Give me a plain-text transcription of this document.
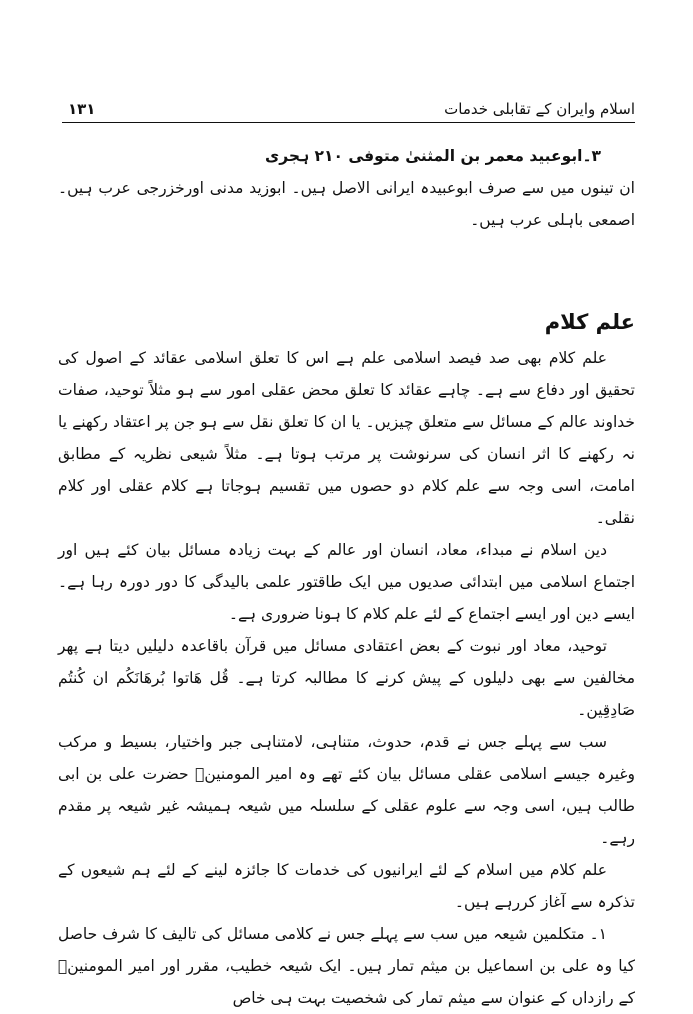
۱۳۱	اسلام وایران کے تقابلی خدمات

۳۔ابوعبید معمر بن المثنیٰ متوفی ۲۱۰ ہجری

ان تینوں میں سے صرف ابوعبیدہ ایرانی الاصل ہیں۔ ابوزید مدنی اورخزرجی عرب ہیں۔ اصمعی باہلی عرب ہیں۔

علم کلام

علم کلام بھی صد فیصد اسلامی علم ہے اس کا تعلق اسلامی عقائد کے اصول کی تحقیق اور دفاع سے ہے۔ چاہے عقائد کا تعلق محض عقلی امور سے ہو مثلاً توحید، صفات خداوند عالم کے مسائل سے متعلق چیزیں۔ یا ان کا تعلق نقل سے ہو جن پر اعتقاد رکھنے یا نہ رکھنے کا اثر انسان کی سرنوشت پر مرتب ہوتا ہے۔ مثلاً شیعی نظریہ کے مطابق امامت، اسی وجہ سے علم کلام دو حصوں میں تقسیم ہوجاتا ہے کلام عقلی اور کلام نقلی۔

دین اسلام نے مبداء، معاد، انسان اور عالم کے بہت زیادہ مسائل بیان کئے ہیں اور اجتماع اسلامی میں ابتدائی صدیوں میں ایک طاقتور علمی بالیدگی کا دور دورہ رہا ہے۔ ایسے دین اور ایسے اجتماع کے لئے علم کلام کا ہونا ضروری ہے۔

توحید، معاد اور نبوت کے بعض اعتقادی مسائل میں قرآن باقاعدہ دلیلیں دیتا ہے پھر مخالفین سے بھی دلیلوں کے پیش کرنے کا مطالبہ کرتا ہے۔ قُل هَاتوا بُرهَانَكُم ان كُنتُم صَادِقِين۔

سب سے پہلے جس نے قدم، حدوث، متناہی، لامتناہی جبر واختیار، بسیط و مرکب وغیرہ جیسے اسلامی عقلی مسائل بیان کئے تھے وہ امیر المومنینؑ حضرت علی بن ابی طالب ہیں، اسی وجہ سے علوم عقلی کے سلسلہ میں شیعہ ہمیشہ غیر شیعہ پر مقدم رہے۔

علم کلام میں اسلام کے لئے ایرانیوں کی خدمات کا جائزہ لینے کے لئے ہم شیعوں کے تذکرہ سے آغاز کررہے ہیں۔

۱۔ متکلمین شیعہ میں سب سے پہلے جس نے کلامی مسائل کی تالیف کا شرف حاصل کیا وہ علی بن اسماعیل بن میثم تمار ہیں۔ ایک شیعہ خطیب، مقرر اور امیر المومنینؑ کے رازداں کے عنوان سے میثم تمار کی شخصیت بہت ہی خاص
